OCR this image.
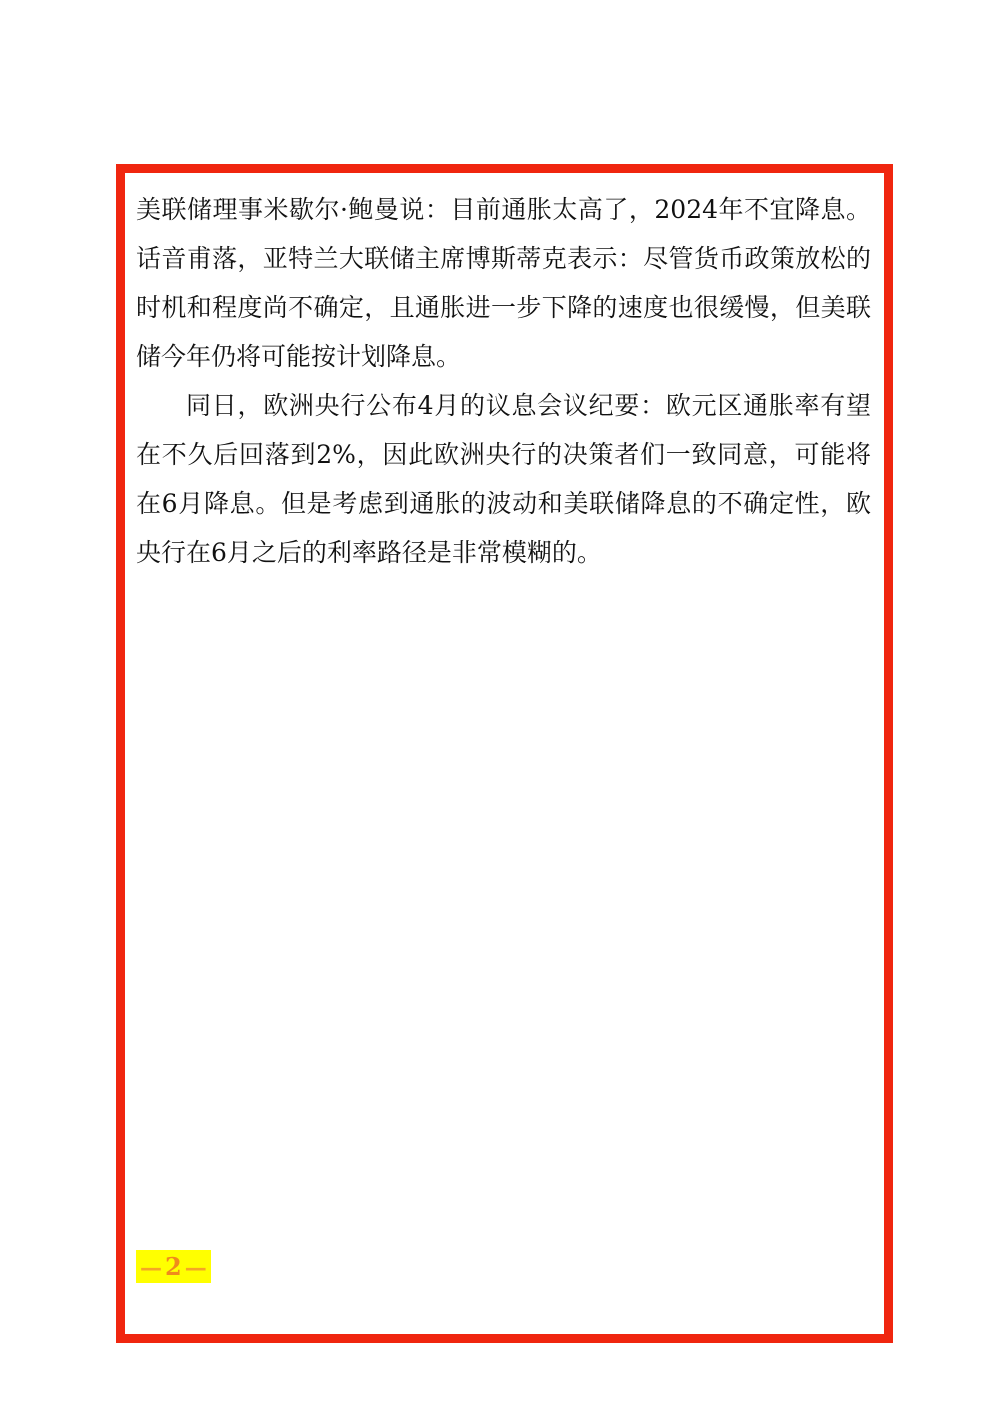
美联储理事米歇尔·鲍曼说：目前通胀太高了，2024年不宜降息。话音甫落，亚特兰大联储主席博斯蒂克表示：尽管货币政策放松的时机和程度尚不确定，且通胀进一步下降的速度也很缓慢，但美联储今年仍将可能按计划降息。

同日，欧洲央行公布4月的议息会议纪要：欧元区通胀率有望在不久后回落到2%，因此欧洲央行的决策者们一致同意，可能将在6月降息。但是考虑到通胀的波动和美联储降息的不确定性，欧央行在6月之后的利率路径是非常模糊的。

— 2 —
